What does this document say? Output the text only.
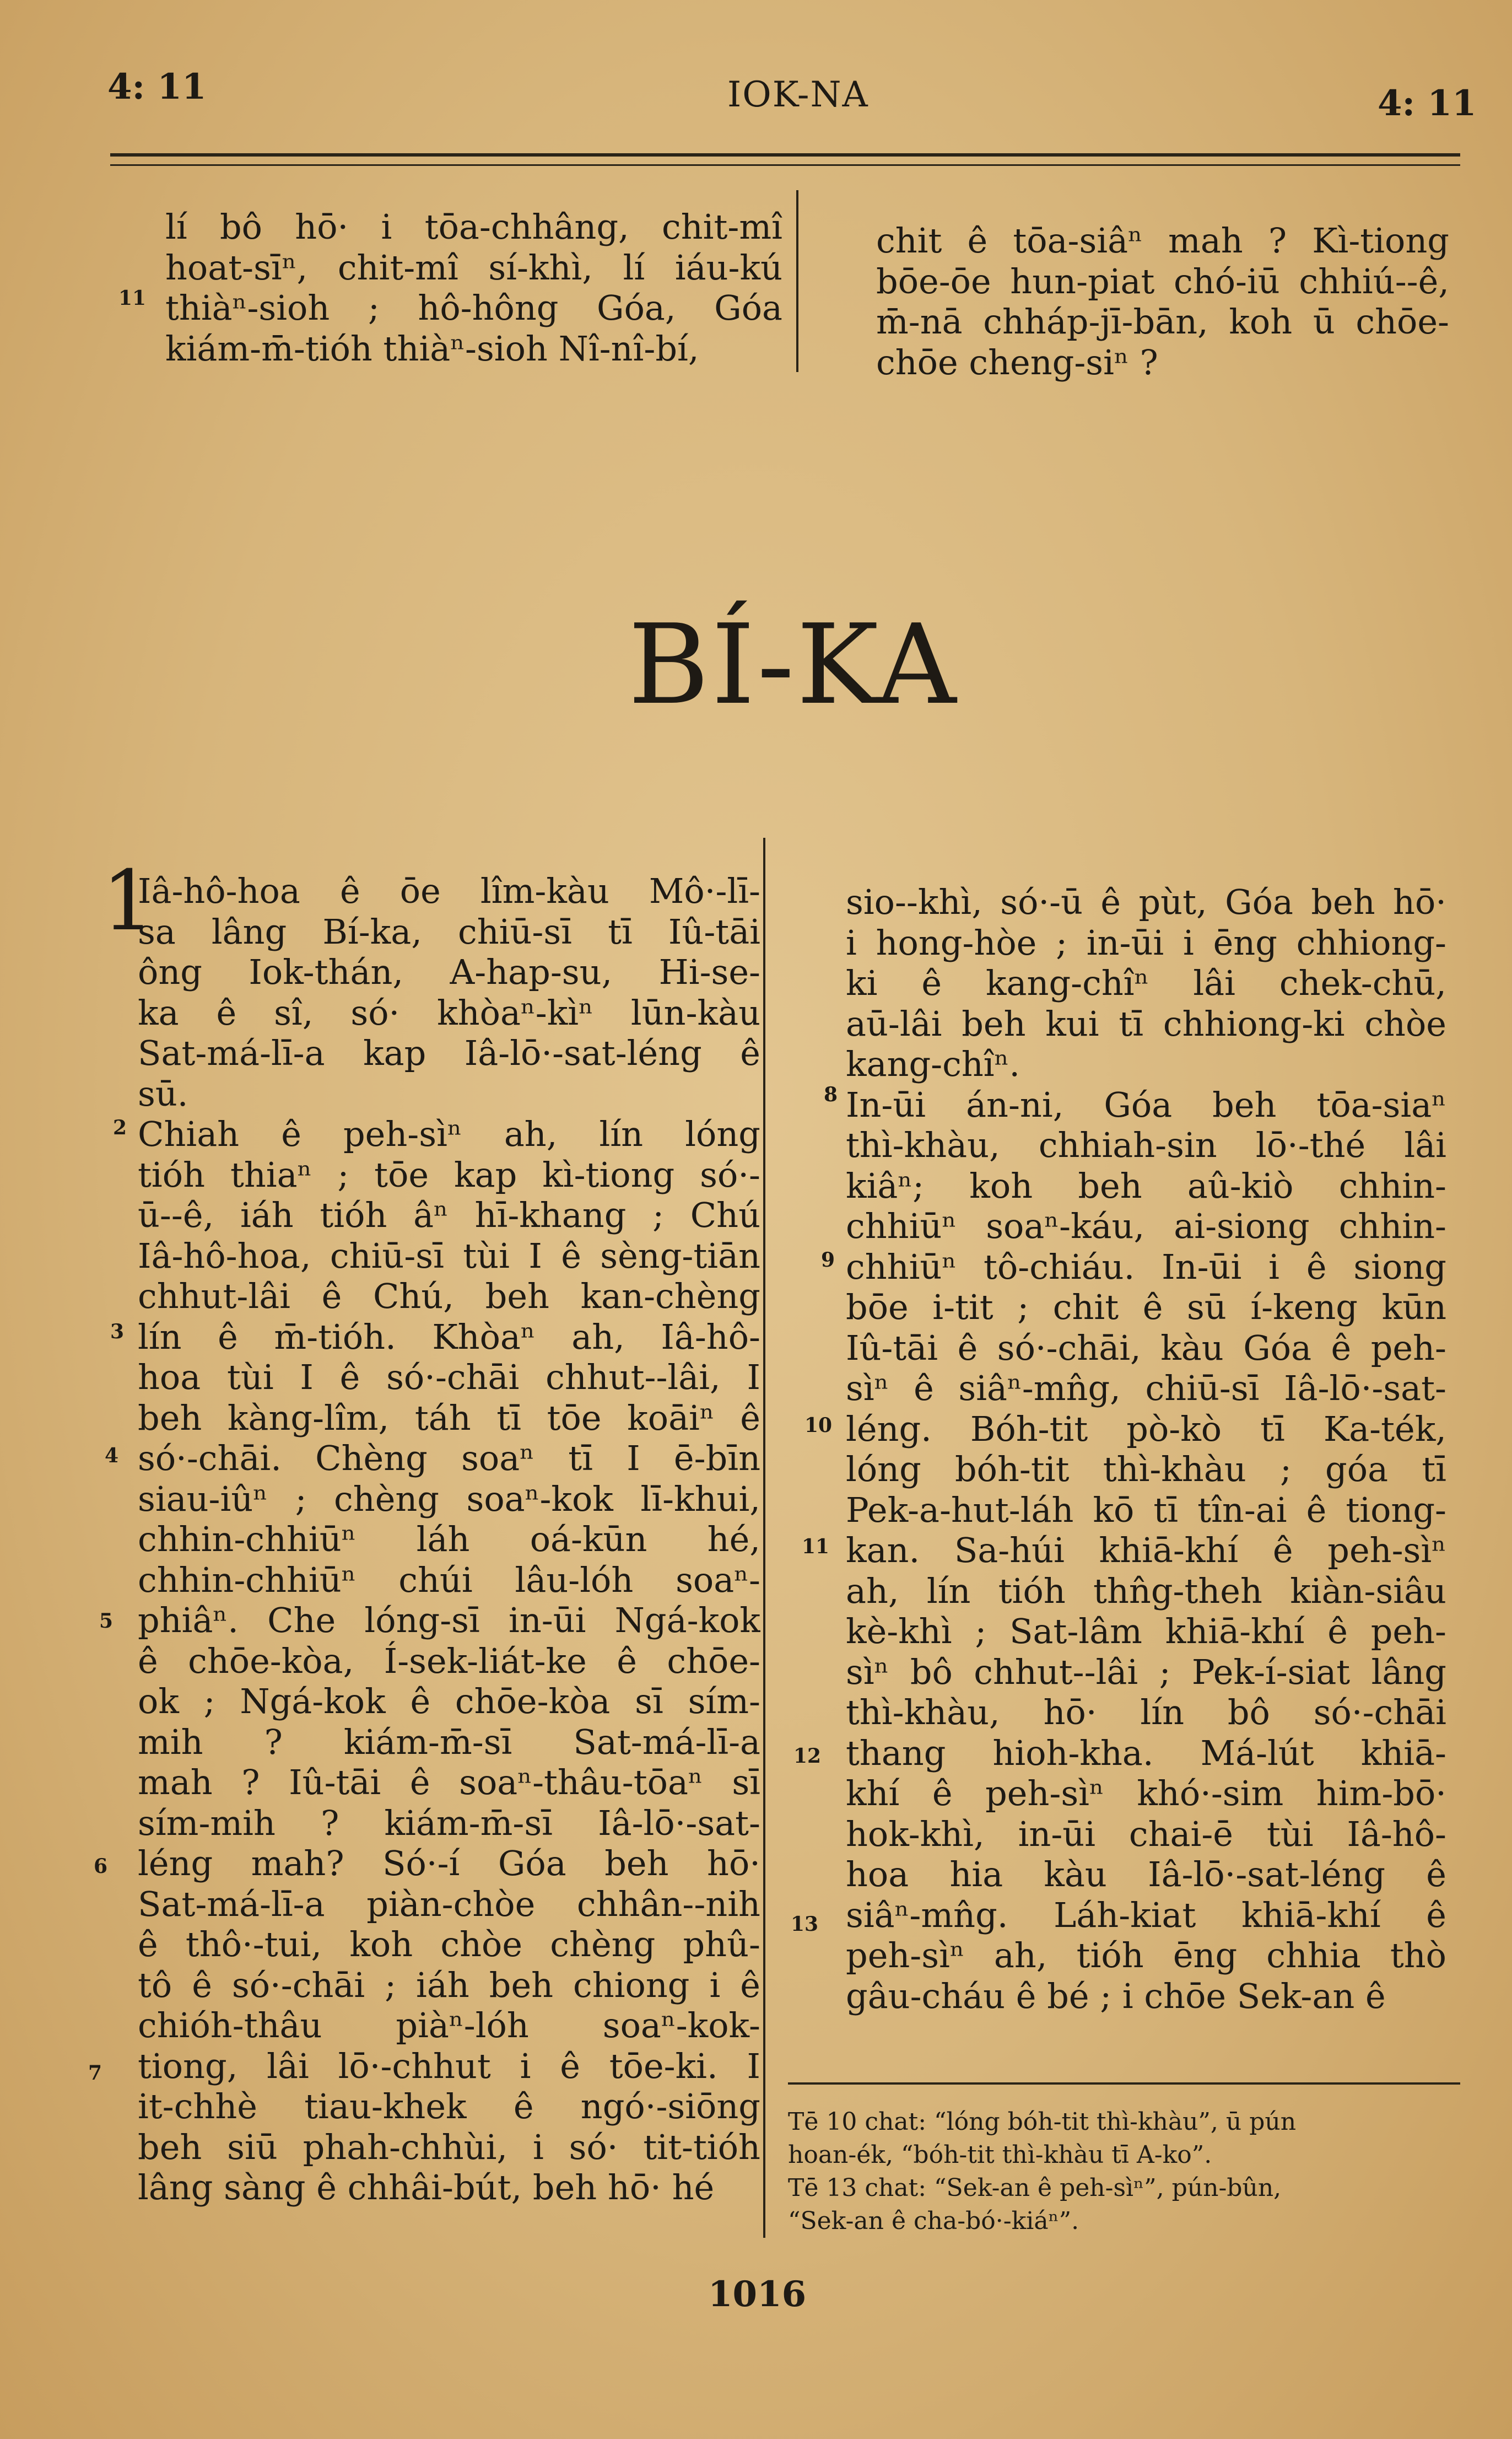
4: 11	IOK-NA	4: 11
lí bô hō· i tōa-chhâng, chit-mî
hoat-sīⁿ, chit-mî sí-khì, lí iáu-kú
thiàⁿ-sioh ; hô-hông Góa, Góa
kiám-m̄-tióh thiàⁿ-sioh Nî-nî-bí,
11
chit ê tōa-siâⁿ mah ? Kì-tiong
bōe-ōe hun-piat chó-iū chhiú--ê,
m̄-nā chháp-jī-bān, koh ū chōe-
chōe cheng-siⁿ ?
BÍ-KA
1
Iâ-hô-hoa ê ōe lîm-kàu Mô·-lī-
sa lâng Bí-ka, chiū-sī tī Iû-tāi
ông Iok-thán, A-hap-su, Hi-se-
ka ê sî, só· khòaⁿ-kìⁿ lūn-kàu
Sat-má-lī-a kap Iâ-lō·-sat-léng ê
sū.
Chiah ê peh-sìⁿ ah, lín lóng
tióh thiaⁿ ; tōe kap kì-tiong só·-
ū--ê, iáh tióh âⁿ hī-khang ; Chú
Iâ-hô-hoa, chiū-sī tùi I ê sèng-tiān
chhut-lâi ê Chú, beh kan-chèng
lín ê m̄-tióh. Khòaⁿ ah, Iâ-hô-
hoa tùi I ê só·-chāi chhut--lâi, I
beh kàng-lîm, táh tī tōe koāiⁿ ê
só·-chāi. Chèng soaⁿ tī I ē-bīn
siau-iûⁿ ; chèng soaⁿ-kok lī-khui,
chhin-chhiūⁿ láh oá-kūn hé,
chhin-chhiūⁿ chúi lâu-lóh soaⁿ-
phiâⁿ. Che lóng-sī in-ūi Ngá-kok
ê chōe-kòa, Í-sek-liát-ke ê chōe-
ok ; Ngá-kok ê chōe-kòa sī sím-
mih ? kiám-m̄-sī Sat-má-lī-a
mah ? Iû-tāi ê soaⁿ-thâu-tōaⁿ sī
sím-mih ? kiám-m̄-sī Iâ-lō·-sat-
léng mah? Só·-í Góa beh hō·
Sat-má-lī-a piàn-chòe chhân--nih
ê thô·-tui, koh chòe chèng phû-
tô ê só·-chāi ; iáh beh chiong i ê
chióh-thâu piàⁿ-lóh soaⁿ-kok-
tiong, lâi lō·-chhut i ê tōe-ki. I
it-chhè tiau-khek ê ngó·-siōng
beh siū phah-chhùi, i só· tit-tióh
lâng sàng ê chhâi-bút, beh hō· hé
sio--khì, só·-ū ê pùt, Góa beh hō·
i hong-hòe ; in-ūi i ēng chhiong-
ki ê kang-chîⁿ lâi chek-chū,
aū-lâi beh kui tī chhiong-ki chòe
kang-chîⁿ.
In-ūi án-ni, Góa beh tōa-siaⁿ
thì-khàu, chhiah-sin lō·-thé lâi
kiâⁿ; koh beh aû-kiò chhin-
chhiūⁿ soaⁿ-káu, ai-siong chhin-
chhiūⁿ tô-chiáu. In-ūi i ê siong
bōe i-tit ; chit ê sū í-keng kūn
Iû-tāi ê só·-chāi, kàu Góa ê peh-
sìⁿ ê siâⁿ-mn̂g, chiū-sī Iâ-lō·-sat-
léng. Bóh-tit pò-kò tī Ka-ték,
lóng bóh-tit thì-khàu ; góa tī
Pek-a-hut-láh kō tī tîn-ai ê tiong-
kan. Sa-húi khiā-khí ê peh-sìⁿ
ah, lín tióh thn̂g-theh kiàn-siâu
kè-khì ; Sat-lâm khiā-khí ê peh-
sìⁿ bô chhut--lâi ; Pek-í-siat lâng
thì-khàu, hō· lín bô só·-chāi
thang hioh-kha. Má-lút khiā-
khí ê peh-sìⁿ khó·-sim him-bō·
hok-khì, in-ūi chai-ē tùi Iâ-hô-
hoa hia kàu Iâ-lō·-sat-léng ê
siâⁿ-mn̂g. Láh-kiat khiā-khí ê
peh-sìⁿ ah, tióh ēng chhia thò
gâu-cháu ê bé ; i chōe Sek-an ê
2
3
4
5
6
7
8
9
10
11
12
13

Tē 10 chat: “lóng bóh-tit thì-khàu”, ū pún

hoan-ék, “bóh-tit thì-khàu tī A-ko”.

Tē 13 chat: “Sek-an ê peh-sìⁿ”, pún-bûn,

“Sek-an ê cha-bó·-kiáⁿ”.

1016
